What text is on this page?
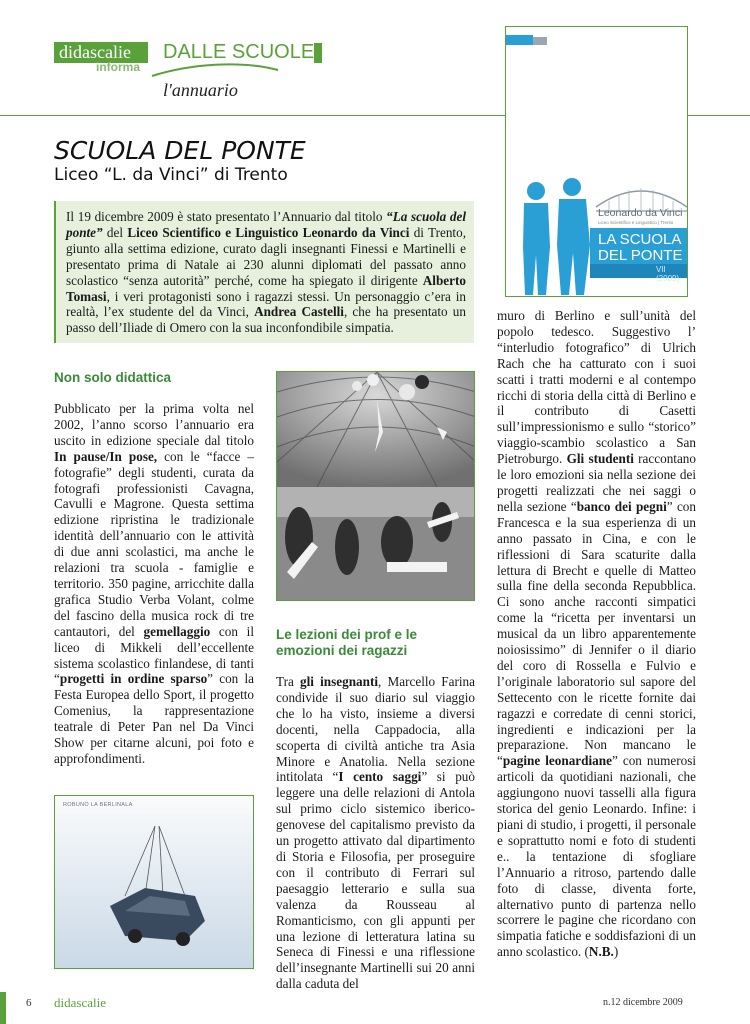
didascalie
informa
DALLE SCUOLE
l'annuario
SCUOLA DEL PONTE
Liceo “L. da Vinci” di Trento
Leonardo da Vinci
Liceo Scientifico e Linguistico | Trento
LA SCUOLA
DEL PONTE
VII (2009)

Il 19 dicembre 2009 è stato presentato l’Annuario dal titolo “La scuola del ponte” del Liceo Scientifico e Linguistico Leonardo da Vinci di Trento, giunto alla settima edizione, curato dagli insegnanti Finessi e Martinelli e presentato prima di Natale ai 230 alunni diplomati del passato anno scolastico “senza autorità” perché, come ha spiegato il dirigente Alberto Tomasi, i veri protagonisti sono i ragazzi stessi. Un personaggio c’era in realtà, l’ex studente del da Vinci, Andrea Castelli, che ha presentato un passo dell’Iliade di Omero con la sua inconfondibile simpatia.

Non solo didattica

Pubblicato per la prima volta nel 2002, l’anno scorso l’annuario era uscito in edizione speciale dal titolo In pause/In pose, con le “facce – fotografie” degli studenti, curata da fotografi professionisti Cavagna, Cavulli e Magrone. Questa settima edizione ripristina le tradizionale identità dell’annuario con le attività di due anni scolastici, ma anche le relazioni tra scuola - famiglie e territorio. 350 pagine, arricchite dalla grafica Studio Verba Volant, colme del fascino della musica rock di tre cantautori, del gemellaggio con il liceo di Mikkeli dell’eccellente sistema scolastico finlandese, di tanti “progetti in ordine sparso” con la Festa Europea dello Sport, il progetto Comenius, la rappresentazione teatrale di Peter Pan nel Da Vinci Show per citarne alcuni, poi foto e approfondimenti.

Le lezioni dei prof e le emozioni dei ragazzi

Tra gli insegnanti, Marcello Farina condivide il suo diario sul viaggio che lo ha visto, insieme a diversi docenti, nella Cappadocia, alla scoperta di civiltà antiche tra Asia Minore e Anatolia. Nella sezione intitolata “I cento saggi” si può leggere una delle relazioni di Antola sul primo ciclo sistemico iberico-genovese del capitalismo previsto da un progetto attivato dal dipartimento di Storia e Filosofia, per proseguire con il contributo di Ferrari sul paesaggio letterario e sulla sua valenza da Rousseau al Romanticismo, con gli appunti per una lezione di letteratura latina su Seneca di Finessi e una riflessione dell’insegnante Martinelli sui 20 anni dalla caduta del

muro di Berlino e sull’unità del popolo tedesco. Suggestivo l’ “interludio fotografico” di Ulrich Rach che ha catturato con i suoi scatti i tratti moderni e al contempo ricchi di storia della città di Berlino e il contributo di Casetti sull’impressionismo e sullo “storico” viaggio-scambio scolastico a San Pietroburgo. Gli studenti raccontano le loro emozioni sia nella sezione dei progetti realizzati che nei saggi o nella sezione “banco dei pegni” con Francesca e la sua esperienza di un anno passato in Cina, e con le riflessioni di Sara scaturite dalla lettura di Brecht e quelle di Matteo sulla fine della seconda Repubblica. Ci sono anche racconti simpatici come la “ricetta per inventarsi un musical da un libro apparentemente noiosissimo” di Jennifer o il diario del coro di Rossella e Fulvio e l’originale laboratorio sul sapore del Settecento con le ricette fornite dai ragazzi e corredate di cenni storici, ingredienti e indicazioni per la preparazione. Non mancano le “pagine leonardiane” con numerosi articoli da quotidiani nazionali, che aggiungono nuovi tasselli alla figura storica del genio Leonardo. Infine: i piani di studio, i progetti, il personale e soprattutto nomi e foto di studenti e.. la tentazione di sfogliare l’Annuario a ritroso, partendo dalle foto di classe, diventa forte, alternativo punto di partenza nello scorrere le pagine che ricordano con simpatia fatiche e soddisfazioni di un anno scolastico. (N.B.)

ROBUNO LA BERLINALA
6 didascalie	n.12 dicembre 2009
